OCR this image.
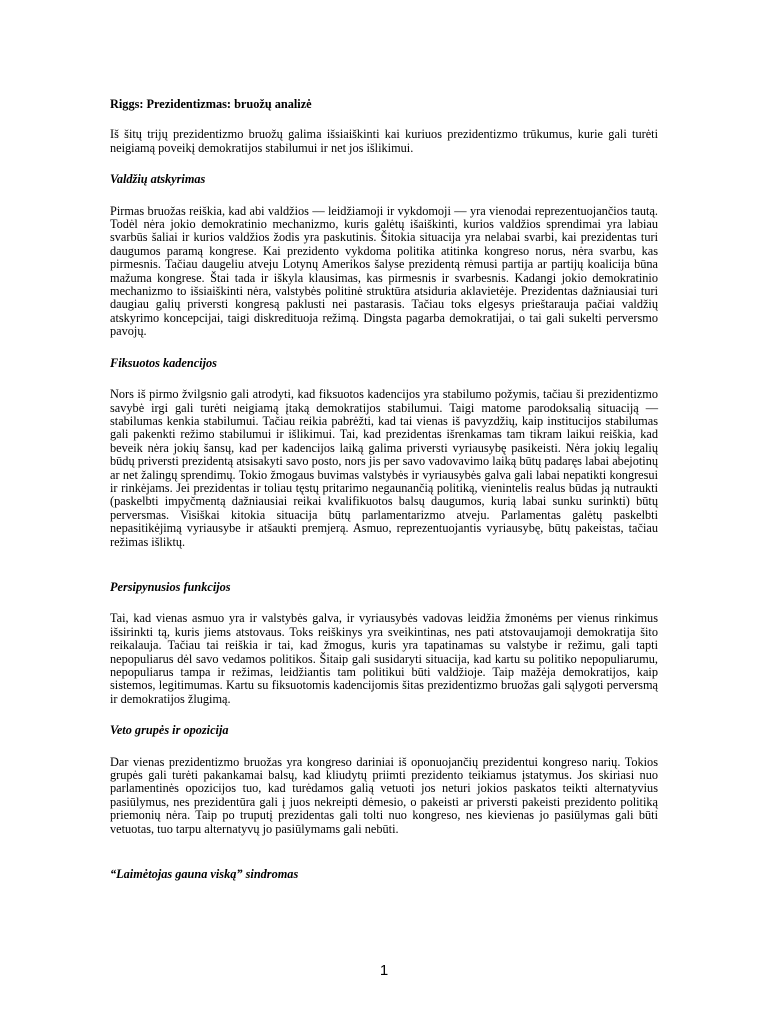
Riggs: Prezidentizmas: bruožų analizė

Iš šitų trijų prezidentizmo bruožų galima išsiaiškinti kai kuriuos prezidentizmo trūkumus, kurie gali turėti neigiamą poveikį demokratijos stabilumui ir net jos išlikimui.

Valdžių atskyrimas

Pirmas bruožas reiškia, kad abi valdžios — leidžiamoji ir vykdomoji — yra vienodai reprezentuojančios tautą. Todėl nėra jokio demokratinio mechanizmo, kuris galėtų išaiškinti, kurios valdžios sprendimai yra labiau svarbūs šaliai ir kurios valdžios žodis yra paskutinis. Šitokia situacija yra nelabai svarbi, kai prezidentas turi daugumos paramą kongrese. Kai prezidento vykdoma politika atitinka kongreso norus, nėra svarbu, kas pirmesnis. Tačiau daugeliu atveju Lotynų Amerikos šalyse prezidentą rėmusi partija ar partijų koalicija būna mažuma kongrese. Štai tada ir iškyla klausimas, kas pirmesnis ir svarbesnis. Kadangi jokio demokratinio mechanizmo to išsiaiškinti nėra, valstybės politinė struktūra atsiduria aklavietėje. Prezidentas dažniausiai turi daugiau galių priversti kongresą paklusti nei pastarasis. Tačiau toks elgesys prieštarauja pačiai valdžių atskyrimo koncepcijai, taigi diskredituoja režimą. Dingsta pagarba demokratijai, o tai gali sukelti perversmo pavojų.

Fiksuotos kadencijos

Nors iš pirmo žvilgsnio gali atrodyti, kad fiksuotos kadencijos yra stabilumo požymis, tačiau ši prezidentizmo savybė irgi gali turėti neigiamą įtaką demokratijos stabilumui. Taigi matome parodoksalią situaciją — stabilumas kenkia stabilumui. Tačiau reikia pabrėžti, kad tai vienas iš pavyzdžių, kaip institucijos stabilumas gali pakenkti režimo stabilumui ir išlikimui. Tai, kad prezidentas išrenkamas tam tikram laikui reiškia, kad beveik nėra jokių šansų, kad per kadencijos laiką galima priversti vyriausybę pasikeisti. Nėra jokių legalių būdų priversti prezidentą atsisakyti savo posto, nors jis per savo vadovavimo laiką būtų padaręs labai abejotinų ar net žalingų sprendimų. Tokio žmogaus buvimas valstybės ir vyriausybės galva gali labai nepatikti kongresui ir rinkėjams. Jei prezidentas ir toliau tęstų pritarimo negaunančią politiką, vienintelis realus būdas ją nutraukti (paskelbti impyčmentą dažniausiai reikai kvalifikuotos balsų daugumos, kurią labai sunku surinkti) būtų perversmas. Visiškai kitokia situacija būtų parlamentarizmo atveju. Parlamentas galėtų paskelbti nepasitikėjimą vyriausybe ir atšaukti premjerą. Asmuo, reprezentuojantis vyriausybę, būtų pakeistas, tačiau režimas išliktų.

Persipynusios funkcijos

Tai, kad vienas asmuo yra ir valstybės galva, ir vyriausybės vadovas leidžia žmonėms per vienus rinkimus išsirinkti tą, kuris jiems atstovaus. Toks reiškinys yra sveikintinas, nes pati atstovaujamoji demokratija šito reikalauja. Tačiau tai reiškia ir tai, kad žmogus, kuris yra tapatinamas su valstybe ir režimu, gali tapti nepopuliarus dėl savo vedamos politikos. Šitaip gali susidaryti situacija, kad kartu su politiko nepopuliarumu, nepopuliarus tampa ir režimas, leidžiantis tam politikui būti valdžioje. Taip mažėja demokratijos, kaip sistemos, legitimumas. Kartu su fiksuotomis kadencijomis šitas prezidentizmo bruožas gali sąlygoti perversmą ir demokratijos žlugimą.

Veto grupės ir opozicija

Dar vienas prezidentizmo bruožas yra kongreso dariniai iš oponuojančių prezidentui kongreso narių. Tokios grupės gali turėti pakankamai balsų, kad kliudytų priimti prezidento teikiamus įstatymus. Jos skiriasi nuo parlamentinės opozicijos tuo, kad turėdamos galią vetuoti jos neturi jokios paskatos teikti alternatyvius pasiūlymus, nes prezidentūra gali į juos nekreipti dėmesio, o pakeisti ar priversti pakeisti prezidento politiką priemonių nėra. Taip po truputį prezidentas gali tolti nuo kongreso, nes kievienas jo pasiūlymas gali būti vetuotas, tuo tarpu alternatyvų jo pasiūlymams gali nebūti.

“Laimėtojas gauna viską” sindromas

1
